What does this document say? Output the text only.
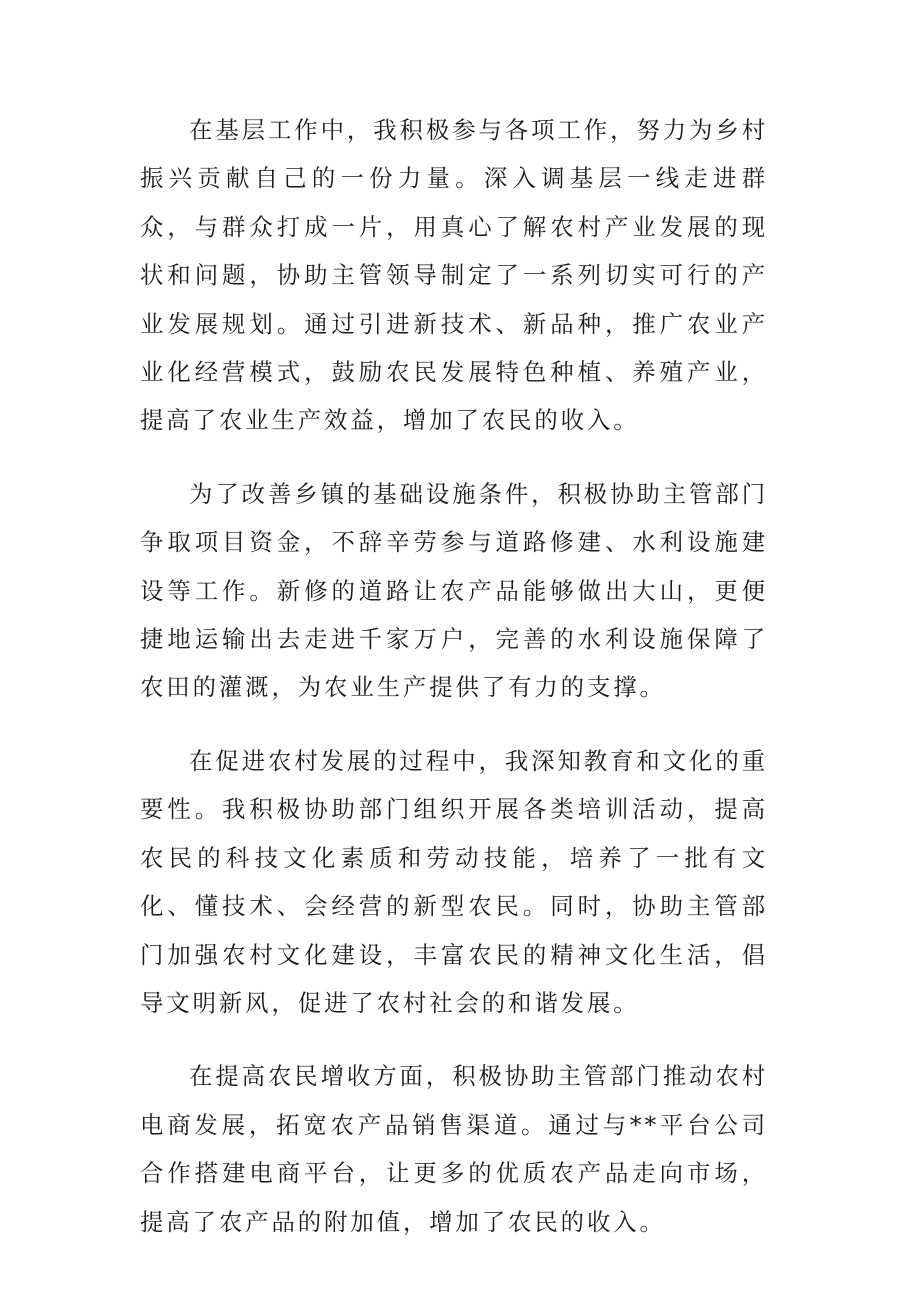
在基层工作中，我积极参与各项工作，努力为乡村振兴贡献自己的一份力量。深入调基层一线走进群众，与群众打成一片，用真心了解农村产业发展的现状和问题，协助主管领导制定了一系列切实可行的产业发展规划。通过引进新技术、新品种，推广农业产业化经营模式，鼓励农民发展特色种植、养殖产业，提高了农业生产效益，增加了农民的收入。

为了改善乡镇的基础设施条件，积极协助主管部门争取项目资金，不辞辛劳参与道路修建、水利设施建设等工作。新修的道路让农产品能够做出大山，更便捷地运输出去走进千家万户，完善的水利设施保障了农田的灌溉，为农业生产提供了有力的支撑。

在促进农村发展的过程中，我深知教育和文化的重要性。我积极协助部门组织开展各类培训活动，提高农民的科技文化素质和劳动技能，培养了一批有文化、懂技术、会经营的新型农民。同时，协助主管部门加强农村文化建设，丰富农民的精神文化生活，倡导文明新风，促进了农村社会的和谐发展。

在提高农民增收方面，积极协助主管部门推动农村电商发展，拓宽农产品销售渠道。通过与**平台公司合作搭建电商平台，让更多的优质农产品走向市场，提高了农产品的附加值，增加了农民的收入。
